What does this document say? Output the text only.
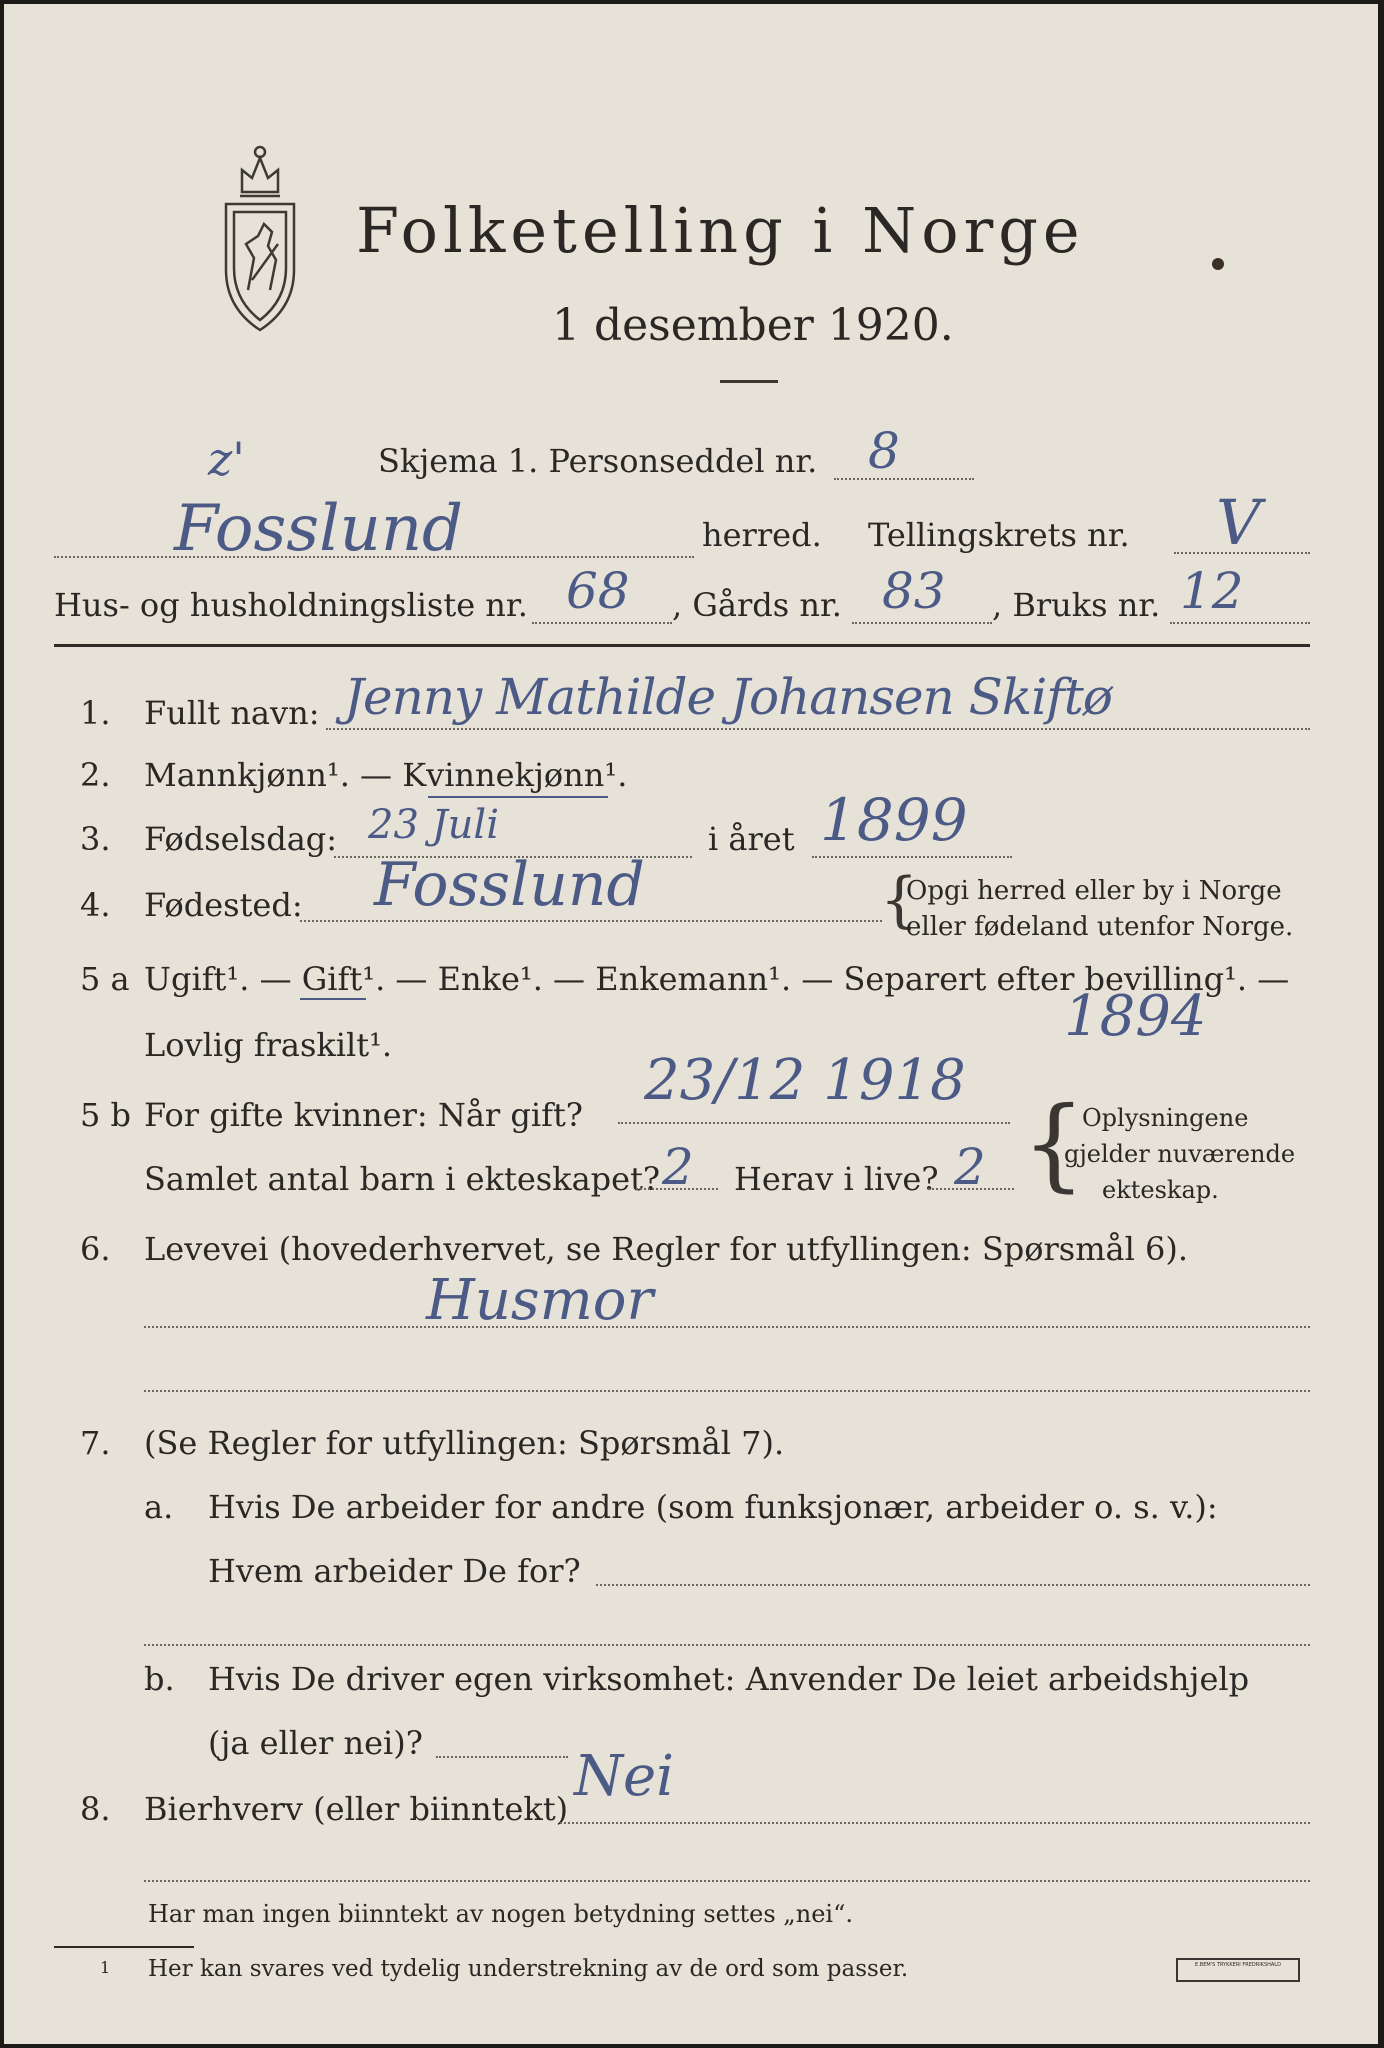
Folketelling i Norge
1 desember 1920.
z'	Skjema 1. Personseddel nr. 8
Fosslund	herred. Tellingskrets nr. V
Hus- og husholdningsliste nr. 68 , Gårds nr. 83 , Bruks nr. 12
1. Fullt navn: Jenny Mathilde Johansen Skiftø
2. Mannkjønn¹. — Kvinnekjønn¹.
3. Fødselsdag: 23 Juli	i året 1899
4. Fødested: Fosslund	{
Opgi herred eller by i Norge
eller fødeland utenfor Norge.
5 a Ugift¹. — Gift¹. — Enke¹. — Enkemann¹. — Separert efter bevilling¹. —
1894
Lovlig fraskilt¹.
5 b For gifte kvinner: Når gift?
23/12 1918
Samlet antal barn i ekteskapet? 2 Herav i live? 2 {
Oplysningene
gjelder nuværende
ekteskap.
6. Levevei (hovederhvervet, se Regler for utfyllingen: Spørsmål 6).
Husmor
7. (Se Regler for utfyllingen: Spørsmål 7).
a. Hvis De arbeider for andre (som funksjonær, arbeider o. s. v.):
Hvem arbeider De for?
b. Hvis De driver egen virksomhet: Anvender De leiet arbeidshjelp
(ja eller nei)?
8. Bierhverv (eller biinntekt) Nei
Har man ingen biinntekt av nogen betydning settes „nei“.
1 Her kan svares ved tydelig understrekning av de ord som passer.	E.BEM'S TRYKKERI FREDRIKSHALD
